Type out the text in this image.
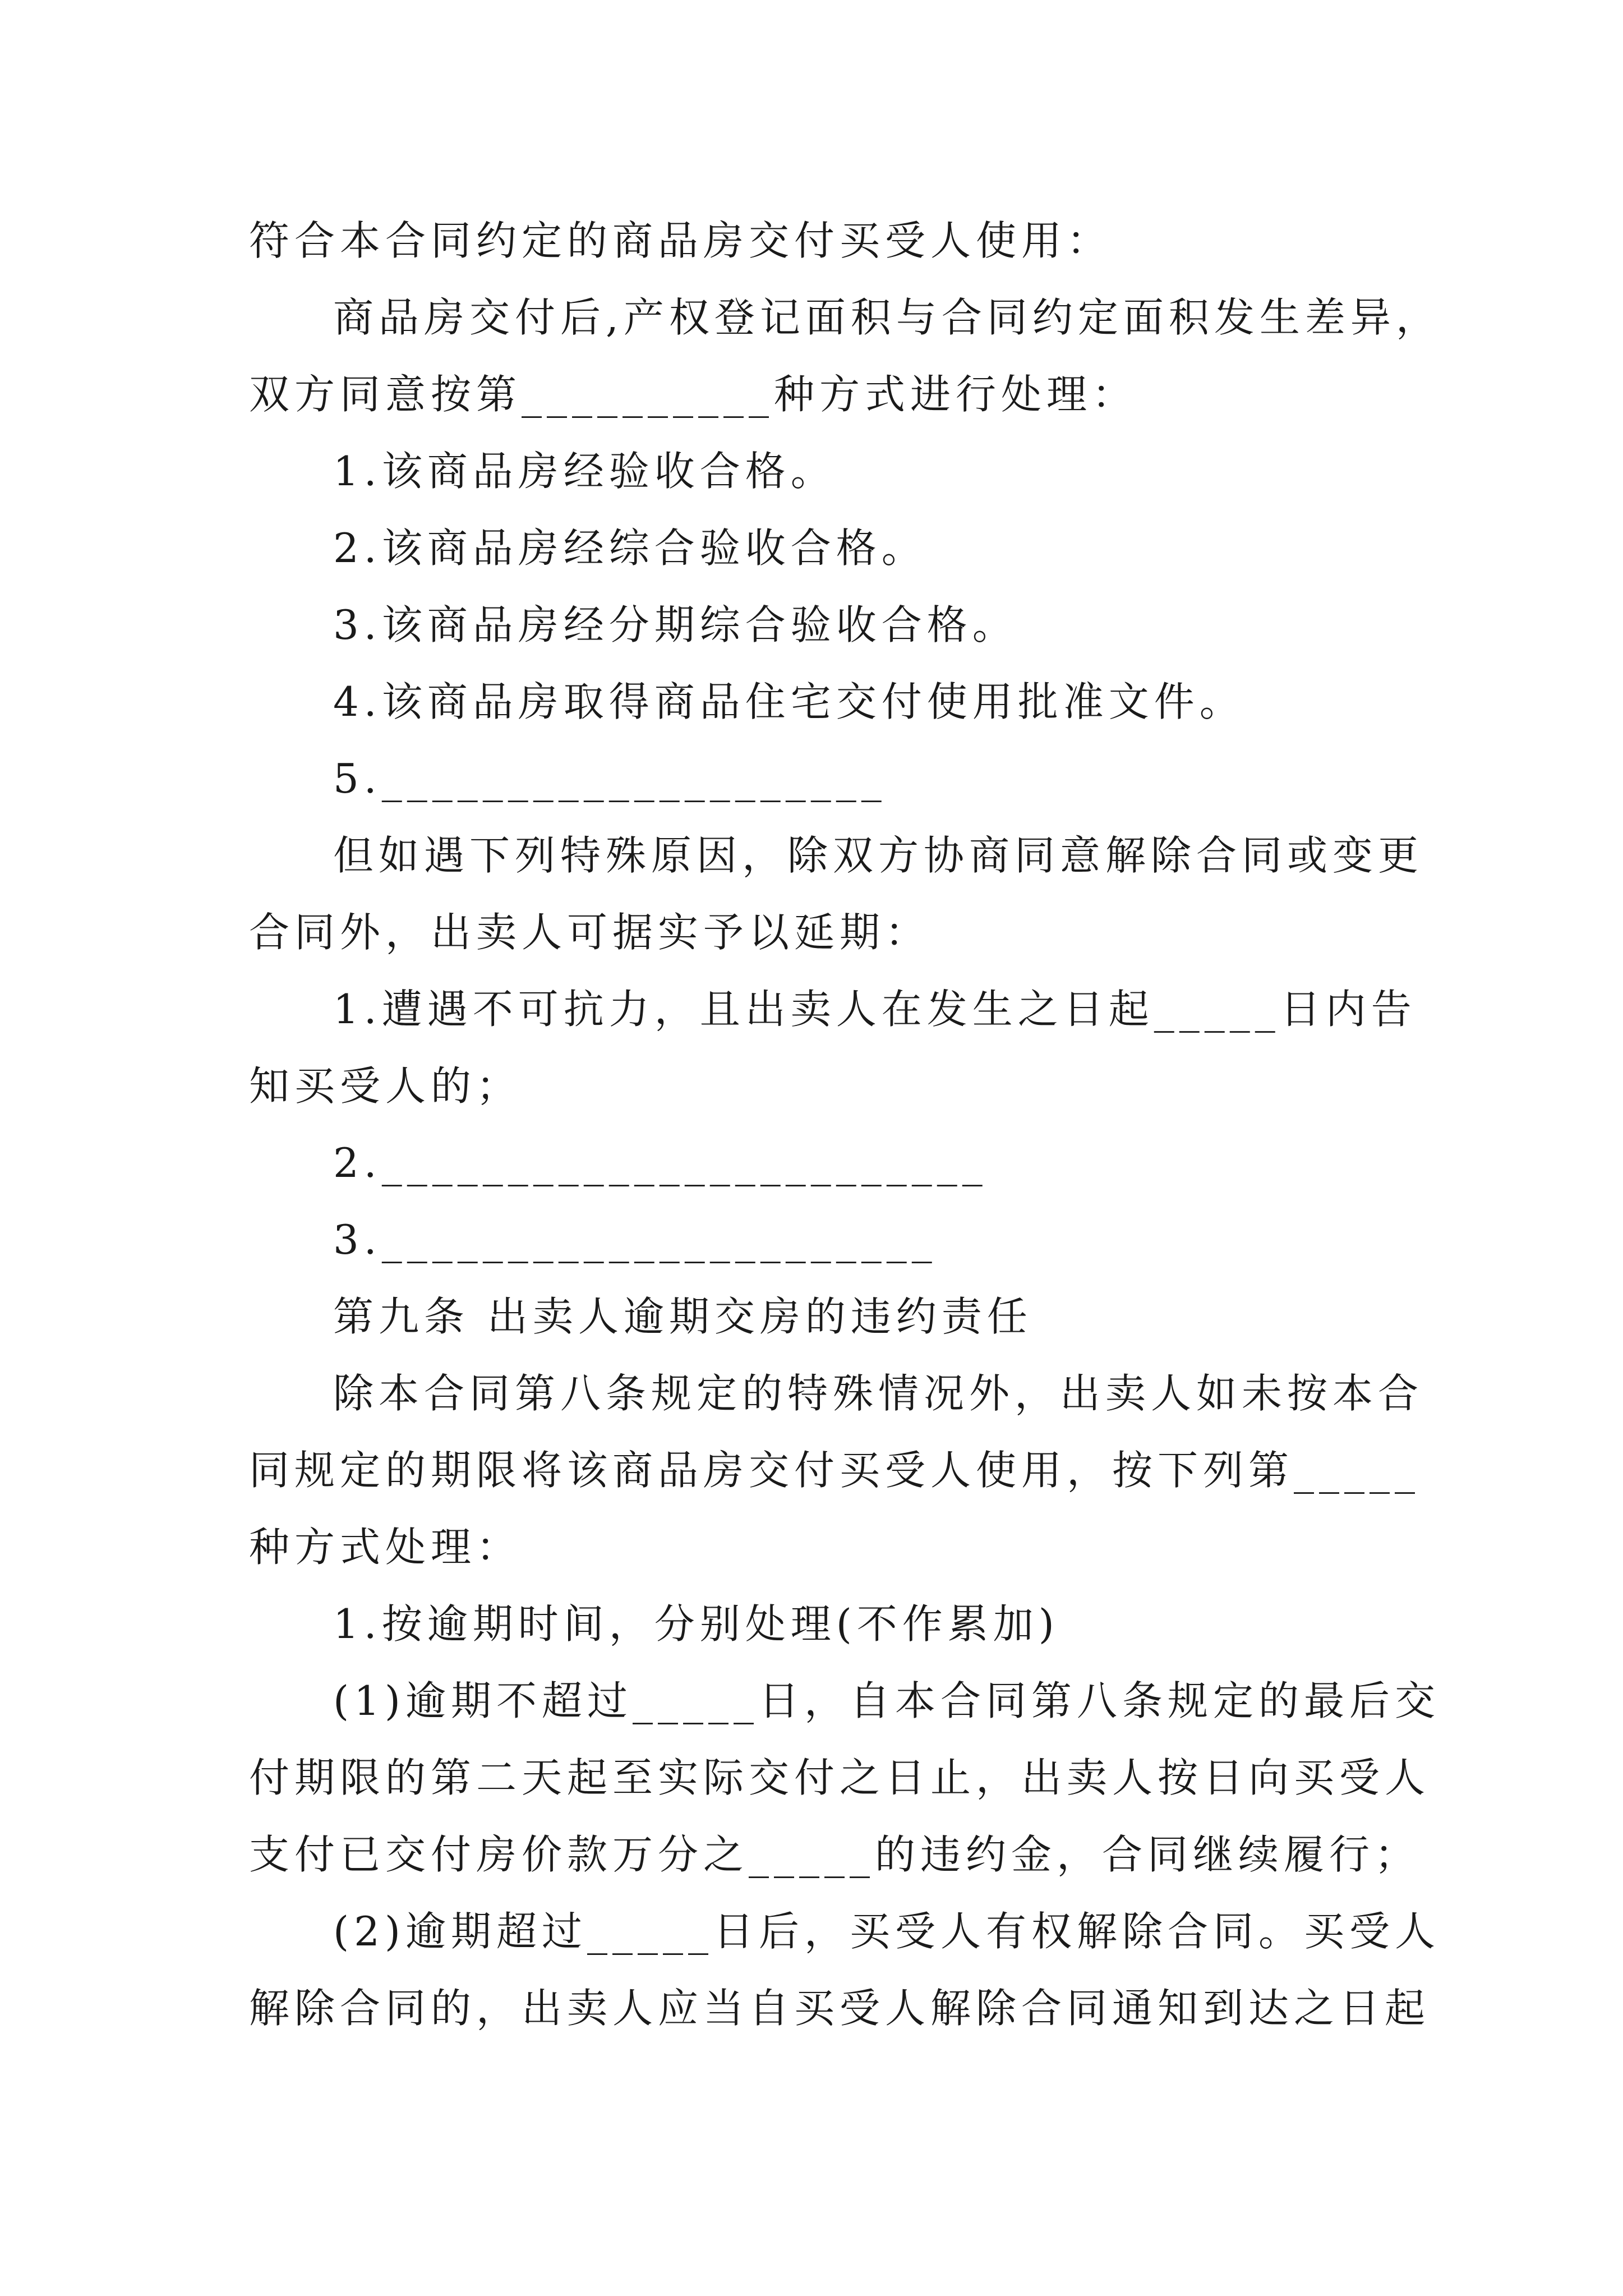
符合本合同约定的商品房交付买受人使用：
商品房交付后,产权登记面积与合同约定面积发生差异，
双方同意按第__________种方式进行处理：
1.该商品房经验收合格。
2.该商品房经综合验收合格。
3.该商品房经分期综合验收合格。
4.该商品房取得商品住宅交付使用批准文件。
5.____________________
但如遇下列特殊原因，除双方协商同意解除合同或变更
合同外，出卖人可据实予以延期：
1.遭遇不可抗力，且出卖人在发生之日起_____日内告
知买受人的；
2.________________________
3.______________________
第九条 出卖人逾期交房的违约责任
除本合同第八条规定的特殊情况外，出卖人如未按本合
同规定的期限将该商品房交付买受人使用，按下列第_____
种方式处理：
1.按逾期时间，分别处理(不作累加)
(1)逾期不超过_____日，自本合同第八条规定的最后交
付期限的第二天起至实际交付之日止，出卖人按日向买受人
支付已交付房价款万分之_____的违约金，合同继续履行；
(2)逾期超过_____日后，买受人有权解除合同。买受人
解除合同的，出卖人应当自买受人解除合同通知到达之日起
